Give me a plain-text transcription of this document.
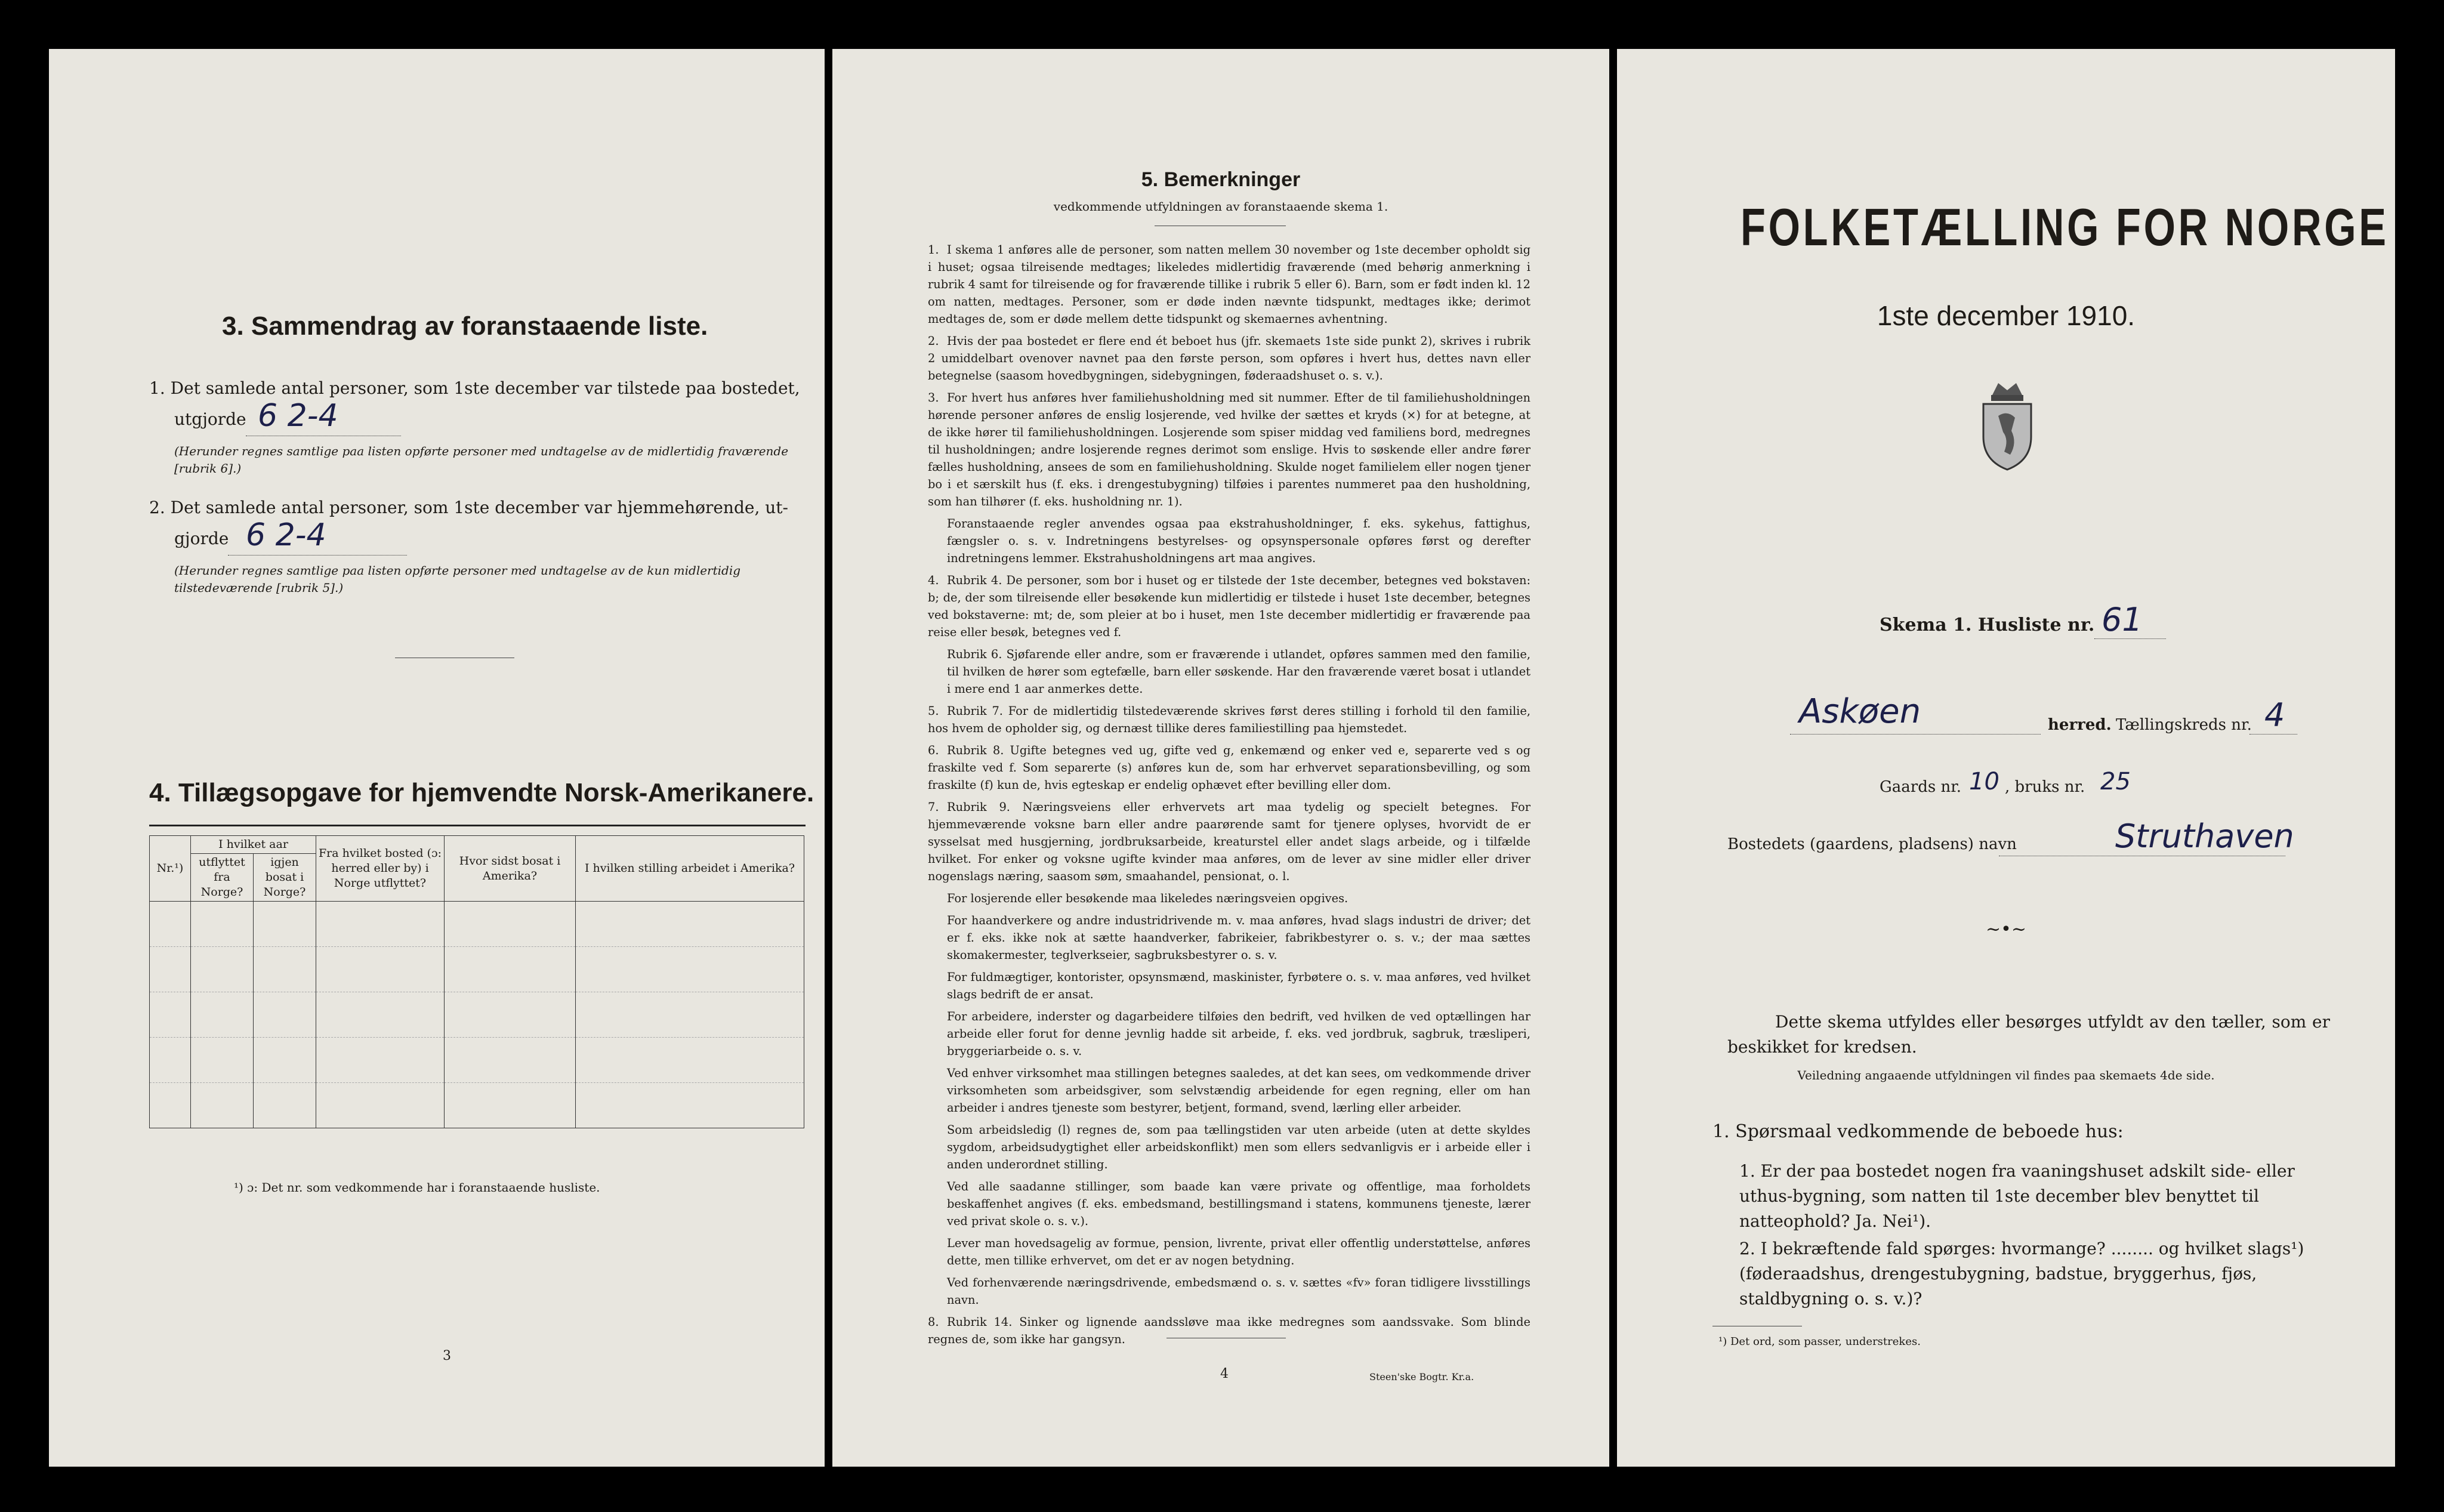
3. Sammendrag av foranstaaende liste.
1. Det samlede antal personer, som 1ste december var tilstede paa bostedet,
utgjorde 6 2-4
(Herunder regnes samtlige paa listen opførte personer med undtagelse av de midlertidig fraværende [rubrik 6].)
2. Det samlede antal personer, som 1ste december var hjemmehørende, ut-
gjorde 6 2-4
(Herunder regnes samtlige paa listen opførte personer med undtagelse av de kun midlertidig tilstedeværende [rubrik 5].)
4. Tillægsopgave for hjemvendte Norsk-Amerikanere.
Nr.¹)	I hvilket aar		Fra hvilket bosted (ɔ: herred eller by) i Norge utflyttet?	Hvor sidst bosat i Amerika?	I hvilken stilling arbeidet i Amerika?
	utflyttet fra Norge?	igjen bosat i Norge?			

¹) ɔ: Det nr. som vedkommende har i foranstaaende husliste.
3
5. Bemerkninger
vedkommende utfyldningen av foranstaaende skema 1.

1. I skema 1 anføres alle de personer, som natten mellem 30 november og 1ste december opholdt sig i huset; ogsaa tilreisende medtages; likeledes midlertidig fraværende (med behørig anmerkning i rubrik 4 samt for tilreisende og for fraværende tillike i rubrik 5 eller 6). Barn, som er født inden kl. 12 om natten, medtages. Personer, som er døde inden nævnte tidspunkt, medtages ikke; derimot medtages de, som er døde mellem dette tidspunkt og skemaernes avhentning.

2. Hvis der paa bostedet er flere end ét beboet hus (jfr. skemaets 1ste side punkt 2), skrives i rubrik 2 umiddelbart ovenover navnet paa den første person, som opføres i hvert hus, dettes navn eller betegnelse (saasom hovedbygningen, sidebygningen, føderaadshuset o. s. v.).

3. For hvert hus anføres hver familiehusholdning med sit nummer. Efter de til familiehusholdningen hørende personer anføres de enslig losjerende, ved hvilke der sættes et kryds (×) for at betegne, at de ikke hører til familiehusholdningen. Losjerende som spiser middag ved familiens bord, medregnes til husholdningen; andre losjerende regnes derimot som enslige. Hvis to søskende eller andre fører fælles husholdning, ansees de som en familiehusholdning. Skulde noget familielem eller nogen tjener bo i et særskilt hus (f. eks. i drengestubygning) tilføies i parentes nummeret paa den husholdning, som han tilhører (f. eks. husholdning nr. 1).

Foranstaaende regler anvendes ogsaa paa ekstrahusholdninger, f. eks. sykehus, fattighus, fængsler o. s. v. Indretningens bestyrelses- og opsynspersonale opføres først og derefter indretningens lemmer. Ekstrahusholdningens art maa angives.

4. Rubrik 4. De personer, som bor i huset og er tilstede der 1ste december, betegnes ved bokstaven: b; de, der som tilreisende eller besøkende kun midlertidig er tilstede i huset 1ste december, betegnes ved bokstaverne: mt; de, som pleier at bo i huset, men 1ste december midlertidig er fraværende paa reise eller besøk, betegnes ved f.

Rubrik 6. Sjøfarende eller andre, som er fraværende i utlandet, opføres sammen med den familie, til hvilken de hører som egtefælle, barn eller søskende. Har den fraværende været bosat i utlandet i mere end 1 aar anmerkes dette.

5. Rubrik 7. For de midlertidig tilstedeværende skrives først deres stilling i forhold til den familie, hos hvem de opholder sig, og dernæst tillike deres familiestilling paa hjemstedet.

6. Rubrik 8. Ugifte betegnes ved ug, gifte ved g, enkemænd og enker ved e, separerte ved s og fraskilte ved f. Som separerte (s) anføres kun de, som har erhvervet separationsbevilling, og som fraskilte (f) kun de, hvis egteskap er endelig ophævet efter bevilling eller dom.

7. Rubrik 9. Næringsveiens eller erhvervets art maa tydelig og specielt betegnes. For hjemmeværende voksne barn eller andre paarørende samt for tjenere oplyses, hvorvidt de er sysselsat med husgjerning, jordbruksarbeide, kreaturstel eller andet slags arbeide, og i tilfælde hvilket. For enker og voksne ugifte kvinder maa anføres, om de lever av sine midler eller driver nogenslags næring, saasom søm, smaahandel, pensionat, o. l.

For losjerende eller besøkende maa likeledes næringsveien opgives.

For haandverkere og andre industridrivende m. v. maa anføres, hvad slags industri de driver; det er f. eks. ikke nok at sætte haandverker, fabrikeier, fabrikbestyrer o. s. v.; der maa sættes skomakermester, teglverkseier, sagbruksbestyrer o. s. v.

For fuldmægtiger, kontorister, opsynsmænd, maskinister, fyrbøtere o. s. v. maa anføres, ved hvilket slags bedrift de er ansat.

For arbeidere, inderster og dagarbeidere tilføies den bedrift, ved hvilken de ved optællingen har arbeide eller forut for denne jevnlig hadde sit arbeide, f. eks. ved jordbruk, sagbruk, træsliperi, bryggeriarbeide o. s. v.

Ved enhver virksomhet maa stillingen betegnes saaledes, at det kan sees, om vedkommende driver virksomheten som arbeidsgiver, som selvstændig arbeidende for egen regning, eller om han arbeider i andres tjeneste som bestyrer, betjent, formand, svend, lærling eller arbeider.

Som arbeidsledig (l) regnes de, som paa tællingstiden var uten arbeide (uten at dette skyldes sygdom, arbeidsudygtighet eller arbeidskonflikt) men som ellers sedvanligvis er i arbeide eller i anden underordnet stilling.

Ved alle saadanne stillinger, som baade kan være private og offentlige, maa forholdets beskaffenhet angives (f. eks. embedsmand, bestillingsmand i statens, kommunens tjeneste, lærer ved privat skole o. s. v.).

Lever man hovedsagelig av formue, pension, livrente, privat eller offentlig understøttelse, anføres dette, men tillike erhvervet, om det er av nogen betydning.

Ved forhenværende næringsdrivende, embedsmænd o. s. v. sættes «fv» foran tidligere livsstillings navn.

8. Rubrik 14. Sinker og lignende aandssløve maa ikke medregnes som aandssvake. Som blinde regnes de, som ikke har gangsyn.

4	Steen'ske Bogtr. Kr.a.
FOLKETÆLLING FOR NORGE
1ste december 1910.
Skema 1. Husliste nr. 61
Askøen	herred. Tællingskreds nr. 4
Gaards nr. 10 , bruks nr. 25
Bostedets (gaardens, pladsens) navn	Struthaven
~•~
Dette skema utfyldes eller besørges utfyldt av den tæller, som er beskikket for kredsen.
Veiledning angaaende utfyldningen vil findes paa skemaets 4de side.
1. Spørsmaal vedkommende de beboede hus:
1. Er der paa bostedet nogen fra vaaningshuset adskilt side- eller uthus-bygning, som natten til 1ste december blev benyttet til natteophold? Ja. Nei¹).
2. I bekræftende fald spørges: hvormange? ........ og hvilket slags¹) (føderaadshus, drengestubygning, badstue, bryggerhus, fjøs, staldbygning o. s. v.)?
¹) Det ord, som passer, understrekes.
